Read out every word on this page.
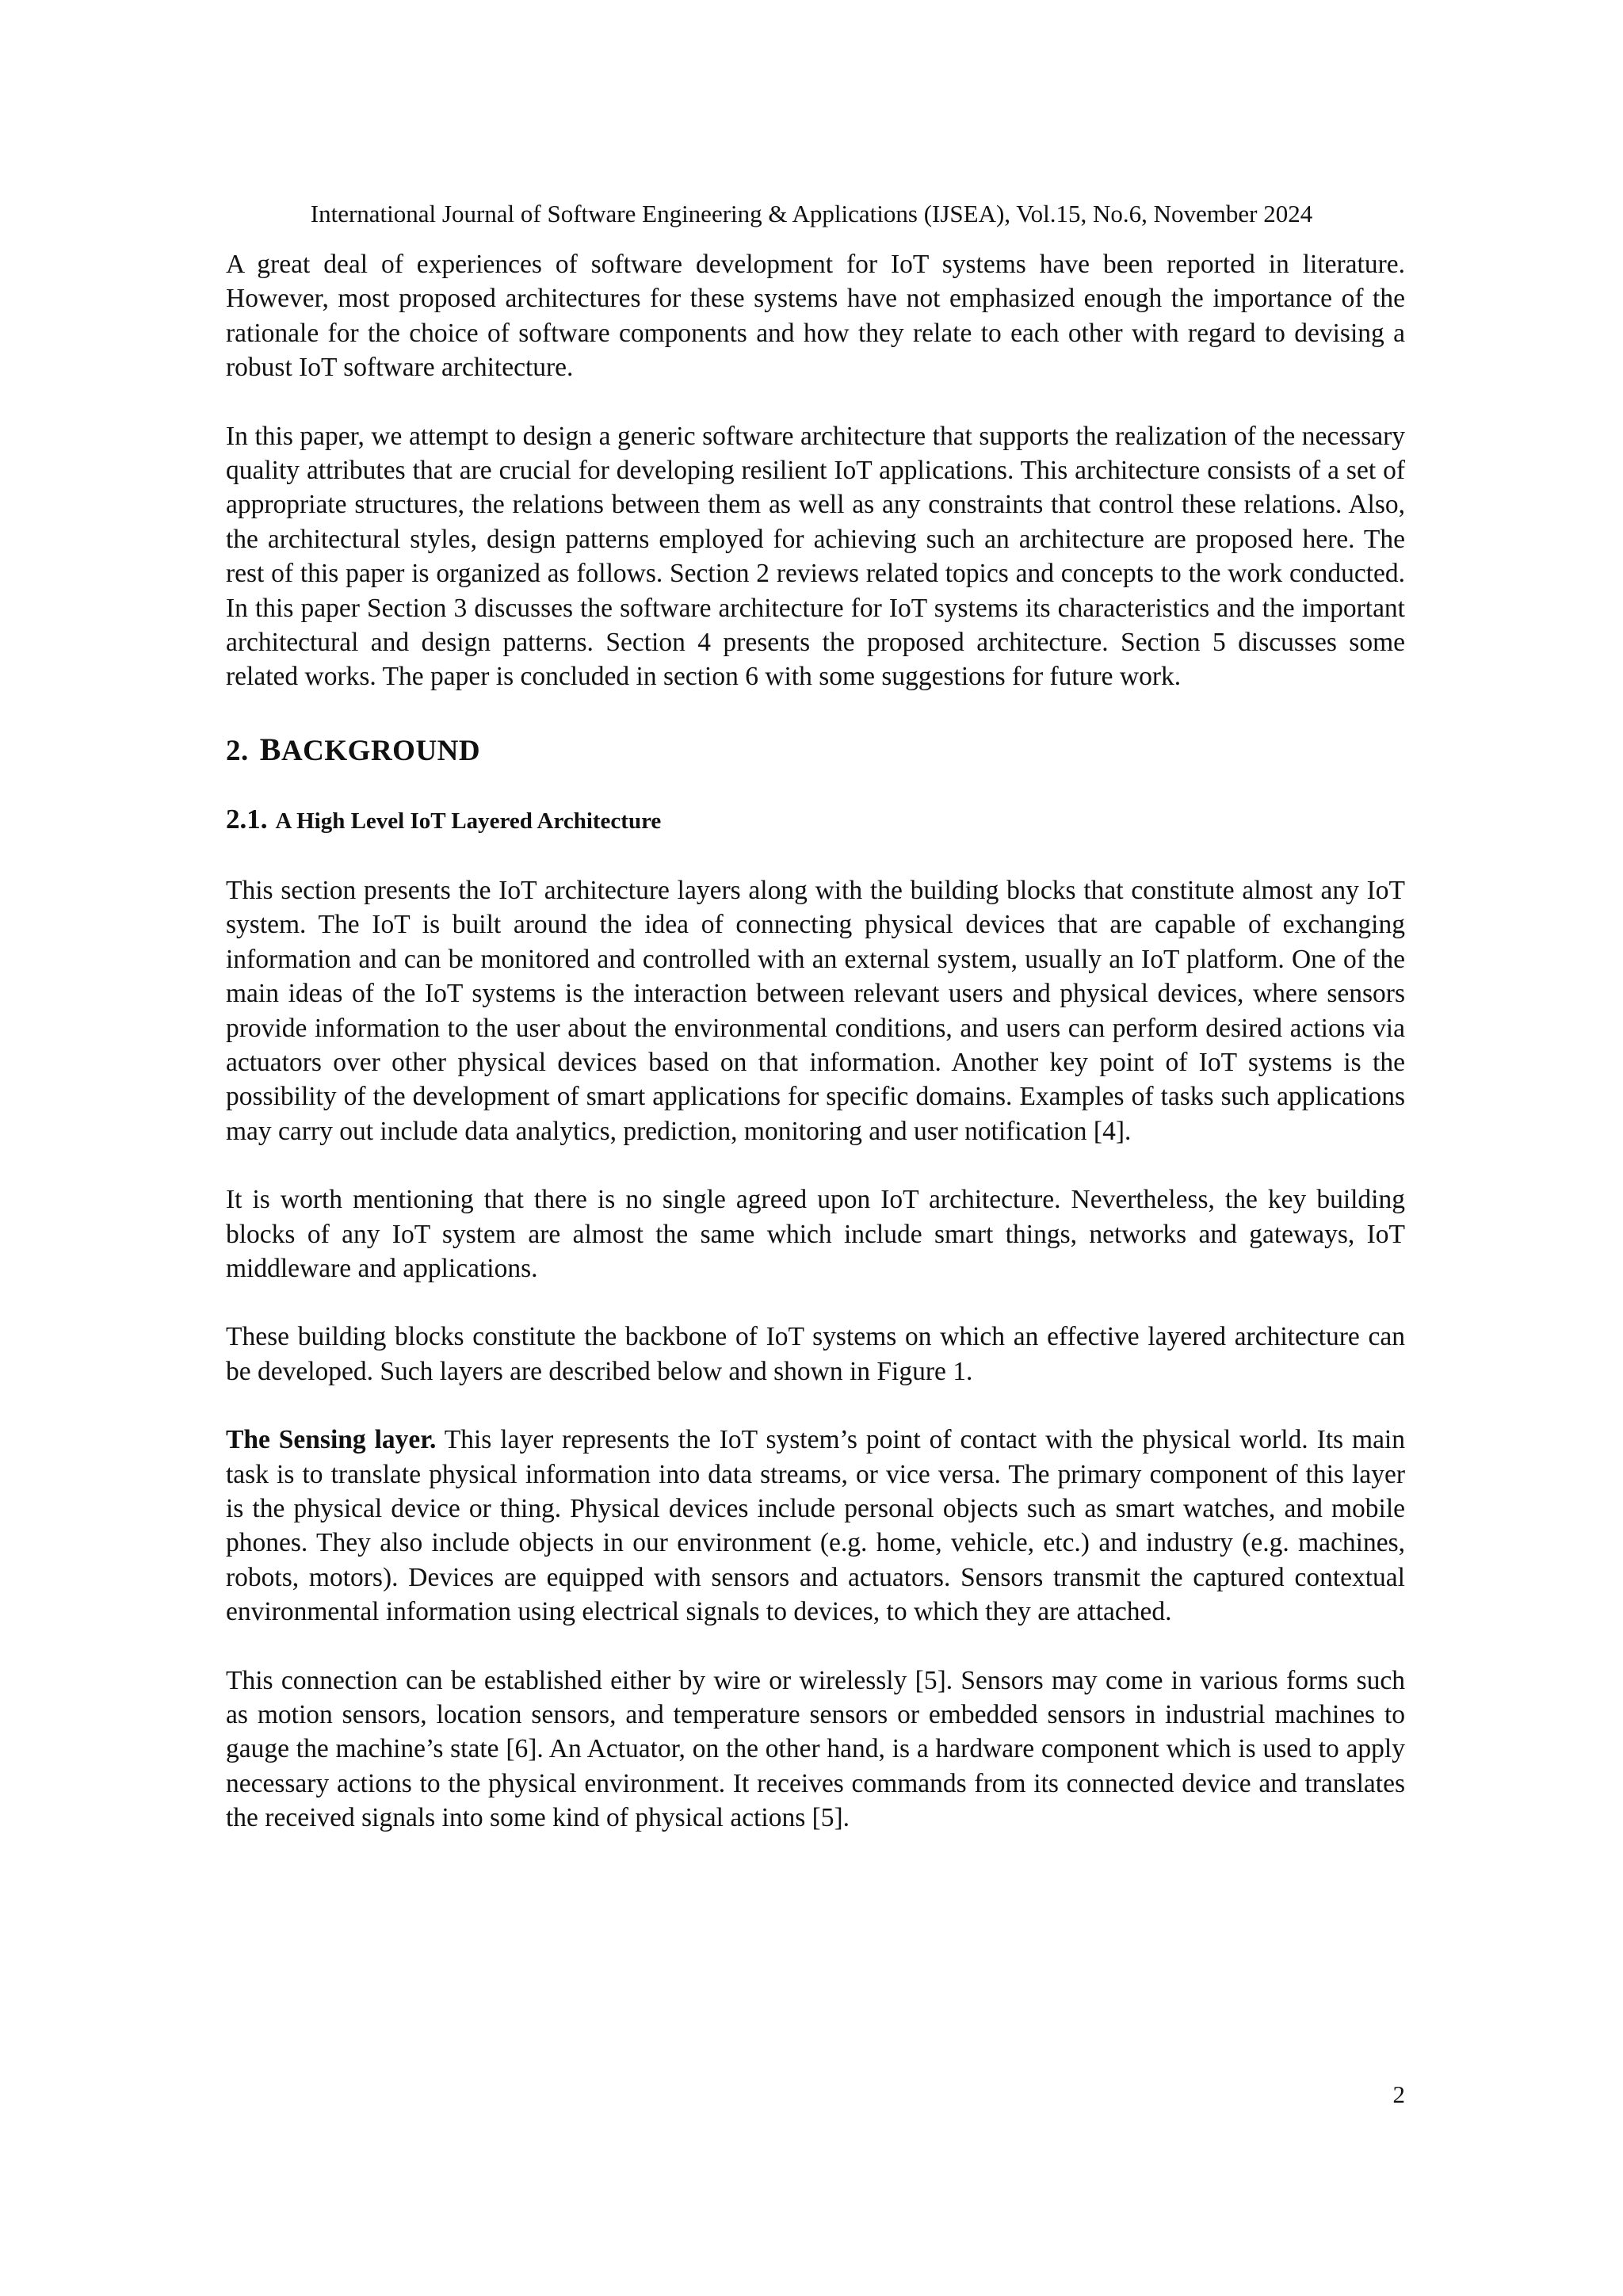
International Journal of Software Engineering & Applications (IJSEA), Vol.15, No.6, November 2024

A great deal of experiences of software development for IoT systems have been reported in literature. However, most proposed architectures for these systems have not emphasized enough the importance of the rationale for the choice of software components and how they relate to each other with regard to devising a robust IoT software architecture.

In this paper, we attempt to design a generic software architecture that supports the realization of the necessary quality attributes that are crucial for developing resilient IoT applications. This architecture consists of a set of appropriate structures, the relations between them as well as any constraints that control these relations. Also, the architectural styles, design patterns employed for achieving such an architecture are proposed here. The rest of this paper is organized as follows. Section 2 reviews related topics and concepts to the work conducted. In this paper Section 3 discusses the software architecture for IoT systems its characteristics and the important architectural and design patterns. Section 4 presents the proposed architecture. Section 5 discusses some related works. The paper is concluded in section 6 with some suggestions for future work.

2. BACKGROUND
2.1. A High Level IoT Layered Architecture

This section presents the IoT architecture layers along with the building blocks that constitute almost any IoT system. The IoT is built around the idea of connecting physical devices that are capable of exchanging information and can be monitored and controlled with an external system, usually an IoT platform. One of the main ideas of the IoT systems is the interaction between relevant users and physical devices, where sensors provide information to the user about the environmental conditions, and users can perform desired actions via actuators over other physical devices based on that information. Another key point of IoT systems is the possibility of the development of smart applications for specific domains. Examples of tasks such applications may carry out include data analytics, prediction, monitoring and user notification [4].

It is worth mentioning that there is no single agreed upon IoT architecture. Nevertheless, the key building blocks of any IoT system are almost the same which include smart things, networks and gateways, IoT middleware and applications.

These building blocks constitute the backbone of IoT systems on which an effective layered architecture can be developed. Such layers are described below and shown in Figure 1.

The Sensing layer. This layer represents the IoT system’s point of contact with the physical world. Its main task is to translate physical information into data streams, or vice versa. The primary component of this layer is the physical device or thing. Physical devices include personal objects such as smart watches, and mobile phones. They also include objects in our environment (e.g. home, vehicle, etc.) and industry (e.g. machines, robots, motors). Devices are equipped with sensors and actuators. Sensors transmit the captured contextual environmental information using electrical signals to devices, to which they are attached.

This connection can be established either by wire or wirelessly [5]. Sensors may come in various forms such as motion sensors, location sensors, and temperature sensors or embedded sensors in industrial machines to gauge the machine’s state [6]. An Actuator, on the other hand, is a hardware component which is used to apply necessary actions to the physical environment. It receives commands from its connected device and translates the received signals into some kind of physical actions [5].

2
